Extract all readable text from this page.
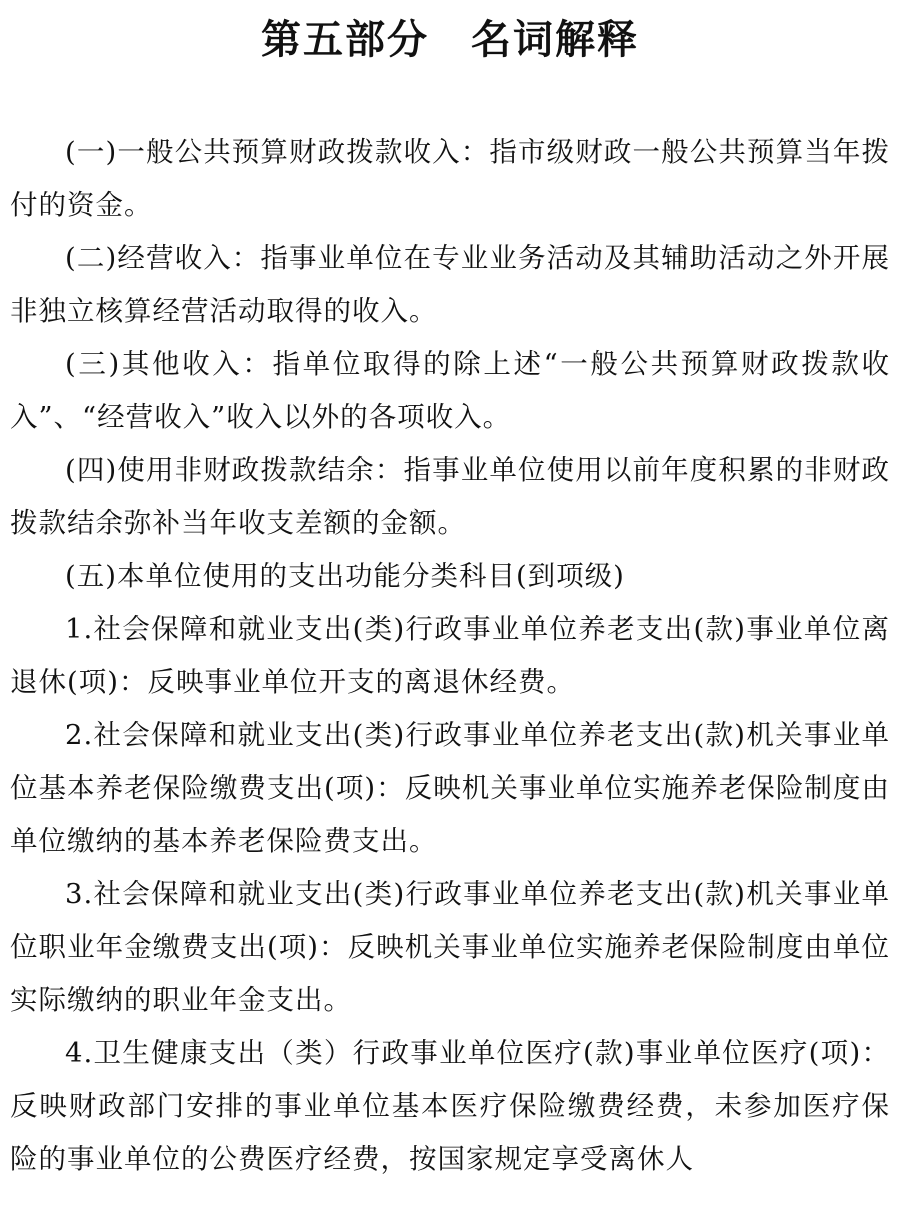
第五部分　名词解释

(一)一般公共预算财政拨款收入：指市级财政一般公共预算当年拨付的资金。

(二)经营收入：指事业单位在专业业务活动及其辅助活动之外开展非独立核算经营活动取得的收入。

(三)其他收入：指单位取得的除上述“一般公共预算财政拨款收入”、“经营收入”收入以外的各项收入。

(四)使用非财政拨款结余：指事业单位使用以前年度积累的非财政拨款结余弥补当年收支差额的金额。

(五)本单位使用的支出功能分类科目(到项级)

1.社会保障和就业支出(类)行政事业单位养老支出(款)事业单位离退休(项)：反映事业单位开支的离退休经费。

2.社会保障和就业支出(类)行政事业单位养老支出(款)机关事业单位基本养老保险缴费支出(项)：反映机关事业单位实施养老保险制度由单位缴纳的基本养老保险费支出。

3.社会保障和就业支出(类)行政事业单位养老支出(款)机关事业单位职业年金缴费支出(项)：反映机关事业单位实施养老保险制度由单位实际缴纳的职业年金支出。

4.卫生健康支出（类）行政事业单位医疗(款)事业单位医疗(项)：反映财政部门安排的事业单位基本医疗保险缴费经费，未参加医疗保险的事业单位的公费医疗经费，按国家规定享受离休人
